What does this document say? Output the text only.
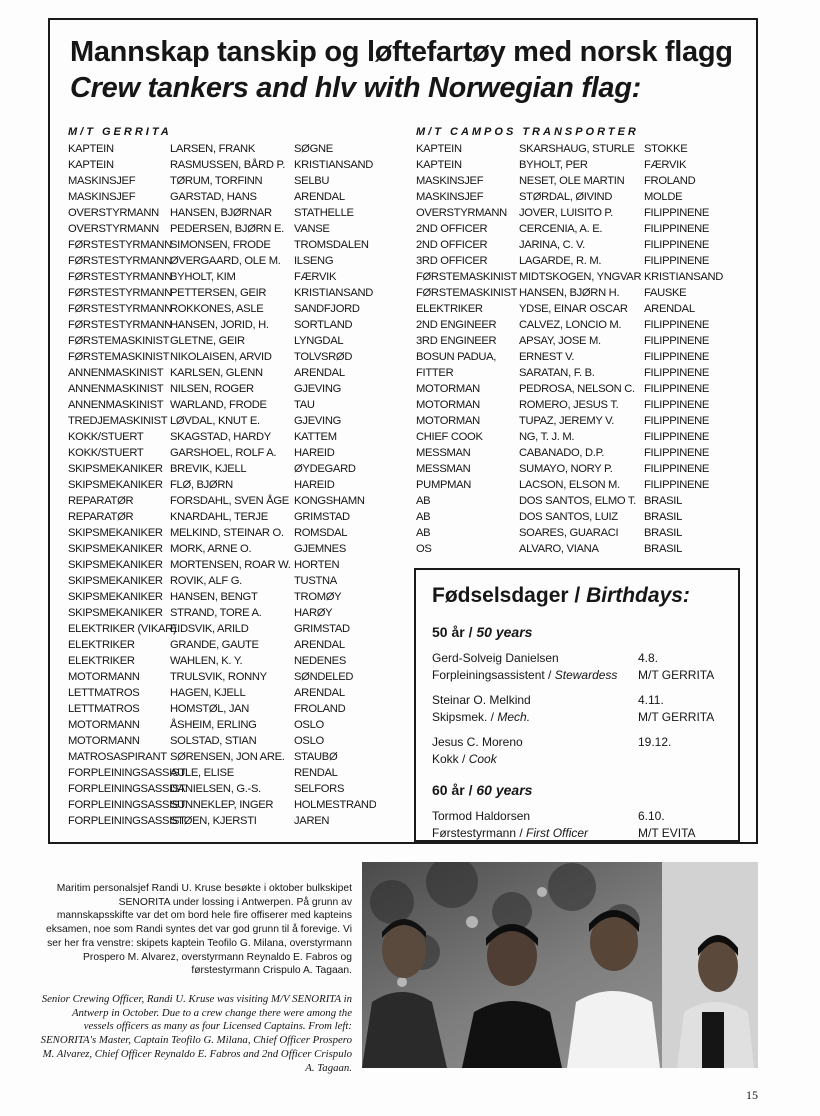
Mannskap tanskip og løftefartøy med norsk flagg
Crew tankers and hlv with Norwegian flag:
M/T GERRITA	M/T CAMPOS TRANSPORTER
KAPTEIN
KAPTEIN
MASKINSJEF
MASKINSJEF
OVERSTYRMANN
OVERSTYRMANN
FØRSTESTYRMANN
FØRSTESTYRMANN
FØRSTESTYRMANN
FØRSTESTYRMANN
FØRSTESTYRMANN
FØRSTESTYRMANN
FØRSTEMASKINIST
FØRSTEMASKINIST
ANNENMASKINIST
ANNENMASKINIST
ANNENMASKINIST
TREDJEMASKINIST
KOKK/STUERT
KOKK/STUERT
SKIPSMEKANIKER
SKIPSMEKANIKER
REPARATØR
REPARATØR
SKIPSMEKANIKER
SKIPSMEKANIKER
SKIPSMEKANIKER
SKIPSMEKANIKER
SKIPSMEKANIKER
SKIPSMEKANIKER
ELEKTRIKER (VIKAR)
ELEKTRIKER
ELEKTRIKER
MOTORMANN
LETTMATROS
LETTMATROS
MOTORMANN
MOTORMANN
MATROSASPIRANT
FORPLEININGSASSIST.
FORPLEININGSASSIST.
FORPLEININGSASSIST.
FORPLEININGSASSIST.
LARSEN, FRANK
RASMUSSEN, BÅRD P.
TØRUM, TORFINN
GARSTAD, HANS
HANSEN, BJØRNAR
PEDERSEN, BJØRN E.
SIMONSEN, FRODE
ØVERGAARD, OLE M.
BYHOLT, KIM
PETTERSEN, GEIR
ROKKONES, ASLE
HANSEN, JORID, H.
GLETNE, GEIR
NIKOLAISEN, ARVID
KARLSEN, GLENN
NILSEN, ROGER
WARLAND, FRODE
LØVDAL, KNUT E.
SKAGSTAD, HARDY
GARSHOEL, ROLF A.
BREVIK, KJELL
FLØ, BJØRN
FORSDAHL, SVEN ÅGE
KNARDAHL, TERJE
MELKIND, STEINAR O.
MORK, ARNE O.
MORTENSEN, ROAR W.
ROVIK, ALF G.
HANSEN, BENGT
STRAND, TORE A.
EIDSVIK, ARILD
GRANDE, GAUTE
WAHLEN, K. Y.
TRULSVIK, RONNY
HAGEN, KJELL
HOMSTØL, JAN
ÅSHEIM, ERLING
SOLSTAD, STIAN
SØRENSEN, JON ARE.
AULE, ELISE
DANIELSEN, G.-S.
SUNNEKLEP, INGER
STØEN, KJERSTI
SØGNE
KRISTIANSAND
SELBU
ARENDAL
STATHELLE
VANSE
TROMSDALEN
ILSENG
FÆRVIK
KRISTIANSAND
SANDFJORD
SORTLAND
LYNGDAL
TOLVSRØD
ARENDAL
GJEVING
TAU
GJEVING
KATTEM
HAREID
ØYDEGARD
HAREID
KONGSHAMN
GRIMSTAD
ROMSDAL
GJEMNES
HORTEN
TUSTNA
TROMØY
HARØY
GRIMSTAD
ARENDAL
NEDENES
SØNDELED
ARENDAL
FROLAND
OSLO
OSLO
STAUBØ
RENDAL
SELFORS
HOLMESTRAND
JAREN
KAPTEIN
KAPTEIN
MASKINSJEF
MASKINSJEF
OVERSTYRMANN
2ND OFFICER
2ND OFFICER
3RD OFFICER
FØRSTEMASKINIST
FØRSTEMASKINIST
ELEKTRIKER
2ND ENGINEER
3RD ENGINEER
BOSUN PADUA,
FITTER
MOTORMAN
MOTORMAN
MOTORMAN
CHIEF COOK
MESSMAN
MESSMAN
PUMPMAN
AB
AB
AB
OS
SKARSHAUG, STURLE
BYHOLT, PER
NESET, OLE MARTIN
STØRDAL, ØIVIND
JOVER, LUISITO P.
CERCENIA, A. E.
JARINA, C. V.
LAGARDE, R. M.
MIDTSKOGEN, YNGVAR
HANSEN, BJØRN H.
YDSE, EINAR OSCAR
CALVEZ, LONCIO M.
APSAY, JOSE M.
ERNEST V.
SARATAN, F. B.
PEDROSA, NELSON C.
ROMERO, JESUS T.
TUPAZ, JEREMY V.
NG, T. J. M.
CABANADO, D.P.
SUMAYO, NORY P.
LACSON, ELSON M.
DOS SANTOS, ELMO T.
DOS SANTOS, LUIZ
SOARES, GUARACI
ALVARO, VIANA
STOKKE
FÆRVIK
FROLAND
MOLDE
FILIPPINENE
FILIPPINENE
FILIPPINENE
FILIPPINENE
KRISTIANSAND
FAUSKE
ARENDAL
FILIPPINENE
FILIPPINENE
FILIPPINENE
FILIPPINENE
FILIPPINENE
FILIPPINENE
FILIPPINENE
FILIPPINENE
FILIPPINENE
FILIPPINENE
FILIPPINENE
BRASIL
BRASIL
BRASIL
BRASIL
Fødselsdager / Birthdays:
50 år / 50 years
Gerd-Solveig Danielsen
Forpleiningsassistent / Stewardess
4.8.
M/T GERRITA
Steinar O. Melkind
Skipsmek. / Mech.
4.11.
M/T GERRITA
Jesus C. Moreno
Kokk / Cook
19.12.
60 år / 60 years
Tormod Haldorsen
Førstestyrmann / First Officer
6.10.
M/T EVITA
Maritim personalsjef Randi U. Kruse besøkte i oktober bulkskipet SENORITA under lossing i Antwerpen. På grunn av mannskapsskifte var det om bord hele fire offiserer med kapteins eksamen, noe som Randi syntes det var god grunn til å forevige. Vi ser her fra venstre: skipets kaptein Teofilo G. Milana, overstyrmann Prospero M. Alvarez, overstyrmann Reynaldo E. Fabros og førstestyrmann Crispulo A. Tagaan.
Senior Crewing Officer, Randi U. Kruse was visiting M/V SENORITA in Antwerp in October. Due to a crew change there were among the vessels officers as many as four Licensed Captains. From left: SENORITA's Master, Captain Teofilo G. Milana, Chief Officer Prospero M. Alvarez, Chief Officer Reynaldo E. Fabros and 2nd Officer Crispulo A. Tagaan.
15
